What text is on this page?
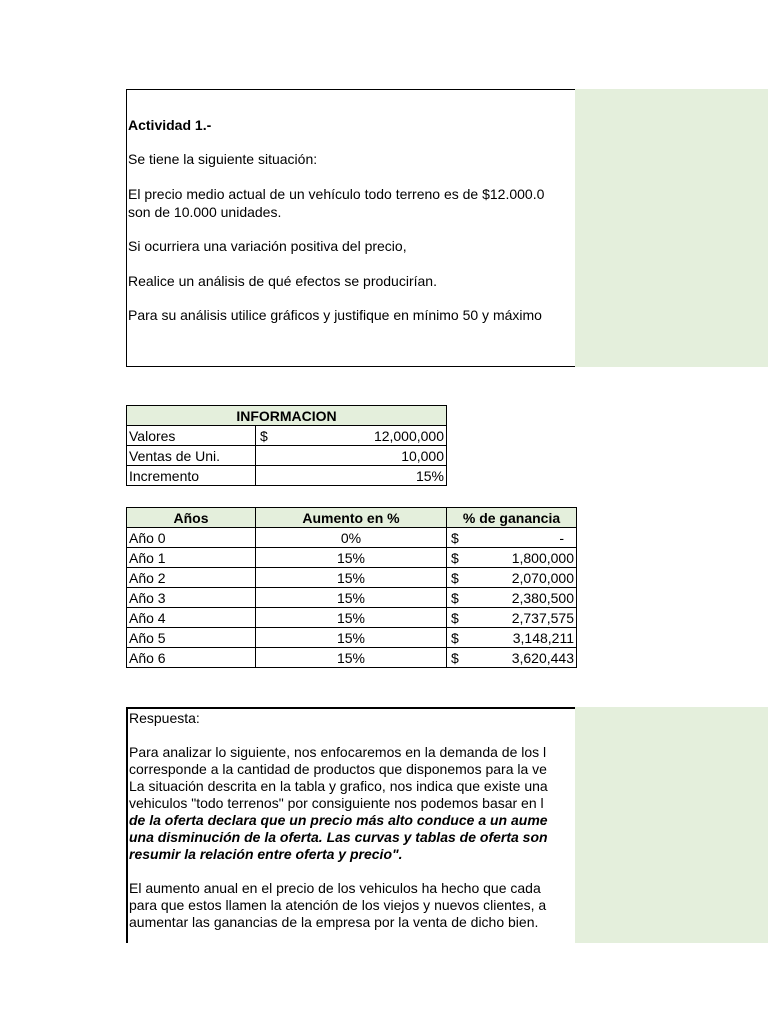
Actividad 1.-

Se tiene la siguiente situación:

El precio medio actual de un vehículo todo terreno es de $12.000.0

son de 10.000 unidades.

Si ocurriera una variación positiva del precio,

Realice un análisis de qué efectos se producirían.

Para su análisis utilice gráficos y justifique en mínimo 50 y máximo

INFORMACION	
Valores	$ 12,000,000

Ventas de Uni.	10,000
Incremento	15%
Años	Aumento en %	% de ganancia
Año 0	0%	$ -

Año 1	15%	$ 1,800,000

Año 2	15%	$ 2,070,000

Año 3	15%	$ 2,380,500

Año 4	15%	$ 2,737,575

Año 5	15%	$ 3,148,211

Año 6	15%	$ 3,620,443

Respuesta:

Para analizar lo siguiente, nos enfocaremos en la demanda de los l

corresponde a la cantidad de productos que disponemos para la ve

La situación descrita en la tabla y grafico, nos indica que existe una

vehiculos "todo terrenos" por consiguiente nos podemos basar en l

de la oferta declara que un precio más alto conduce a un aume

una disminución de la oferta. Las curvas y tablas de oferta son

resumir la relación entre oferta y precio".

El aumento anual en el precio de los vehiculos ha hecho que cada

para que estos llamen la atención de los viejos y nuevos clientes, a

aumentar las ganancias de la empresa por la venta de dicho bien.
